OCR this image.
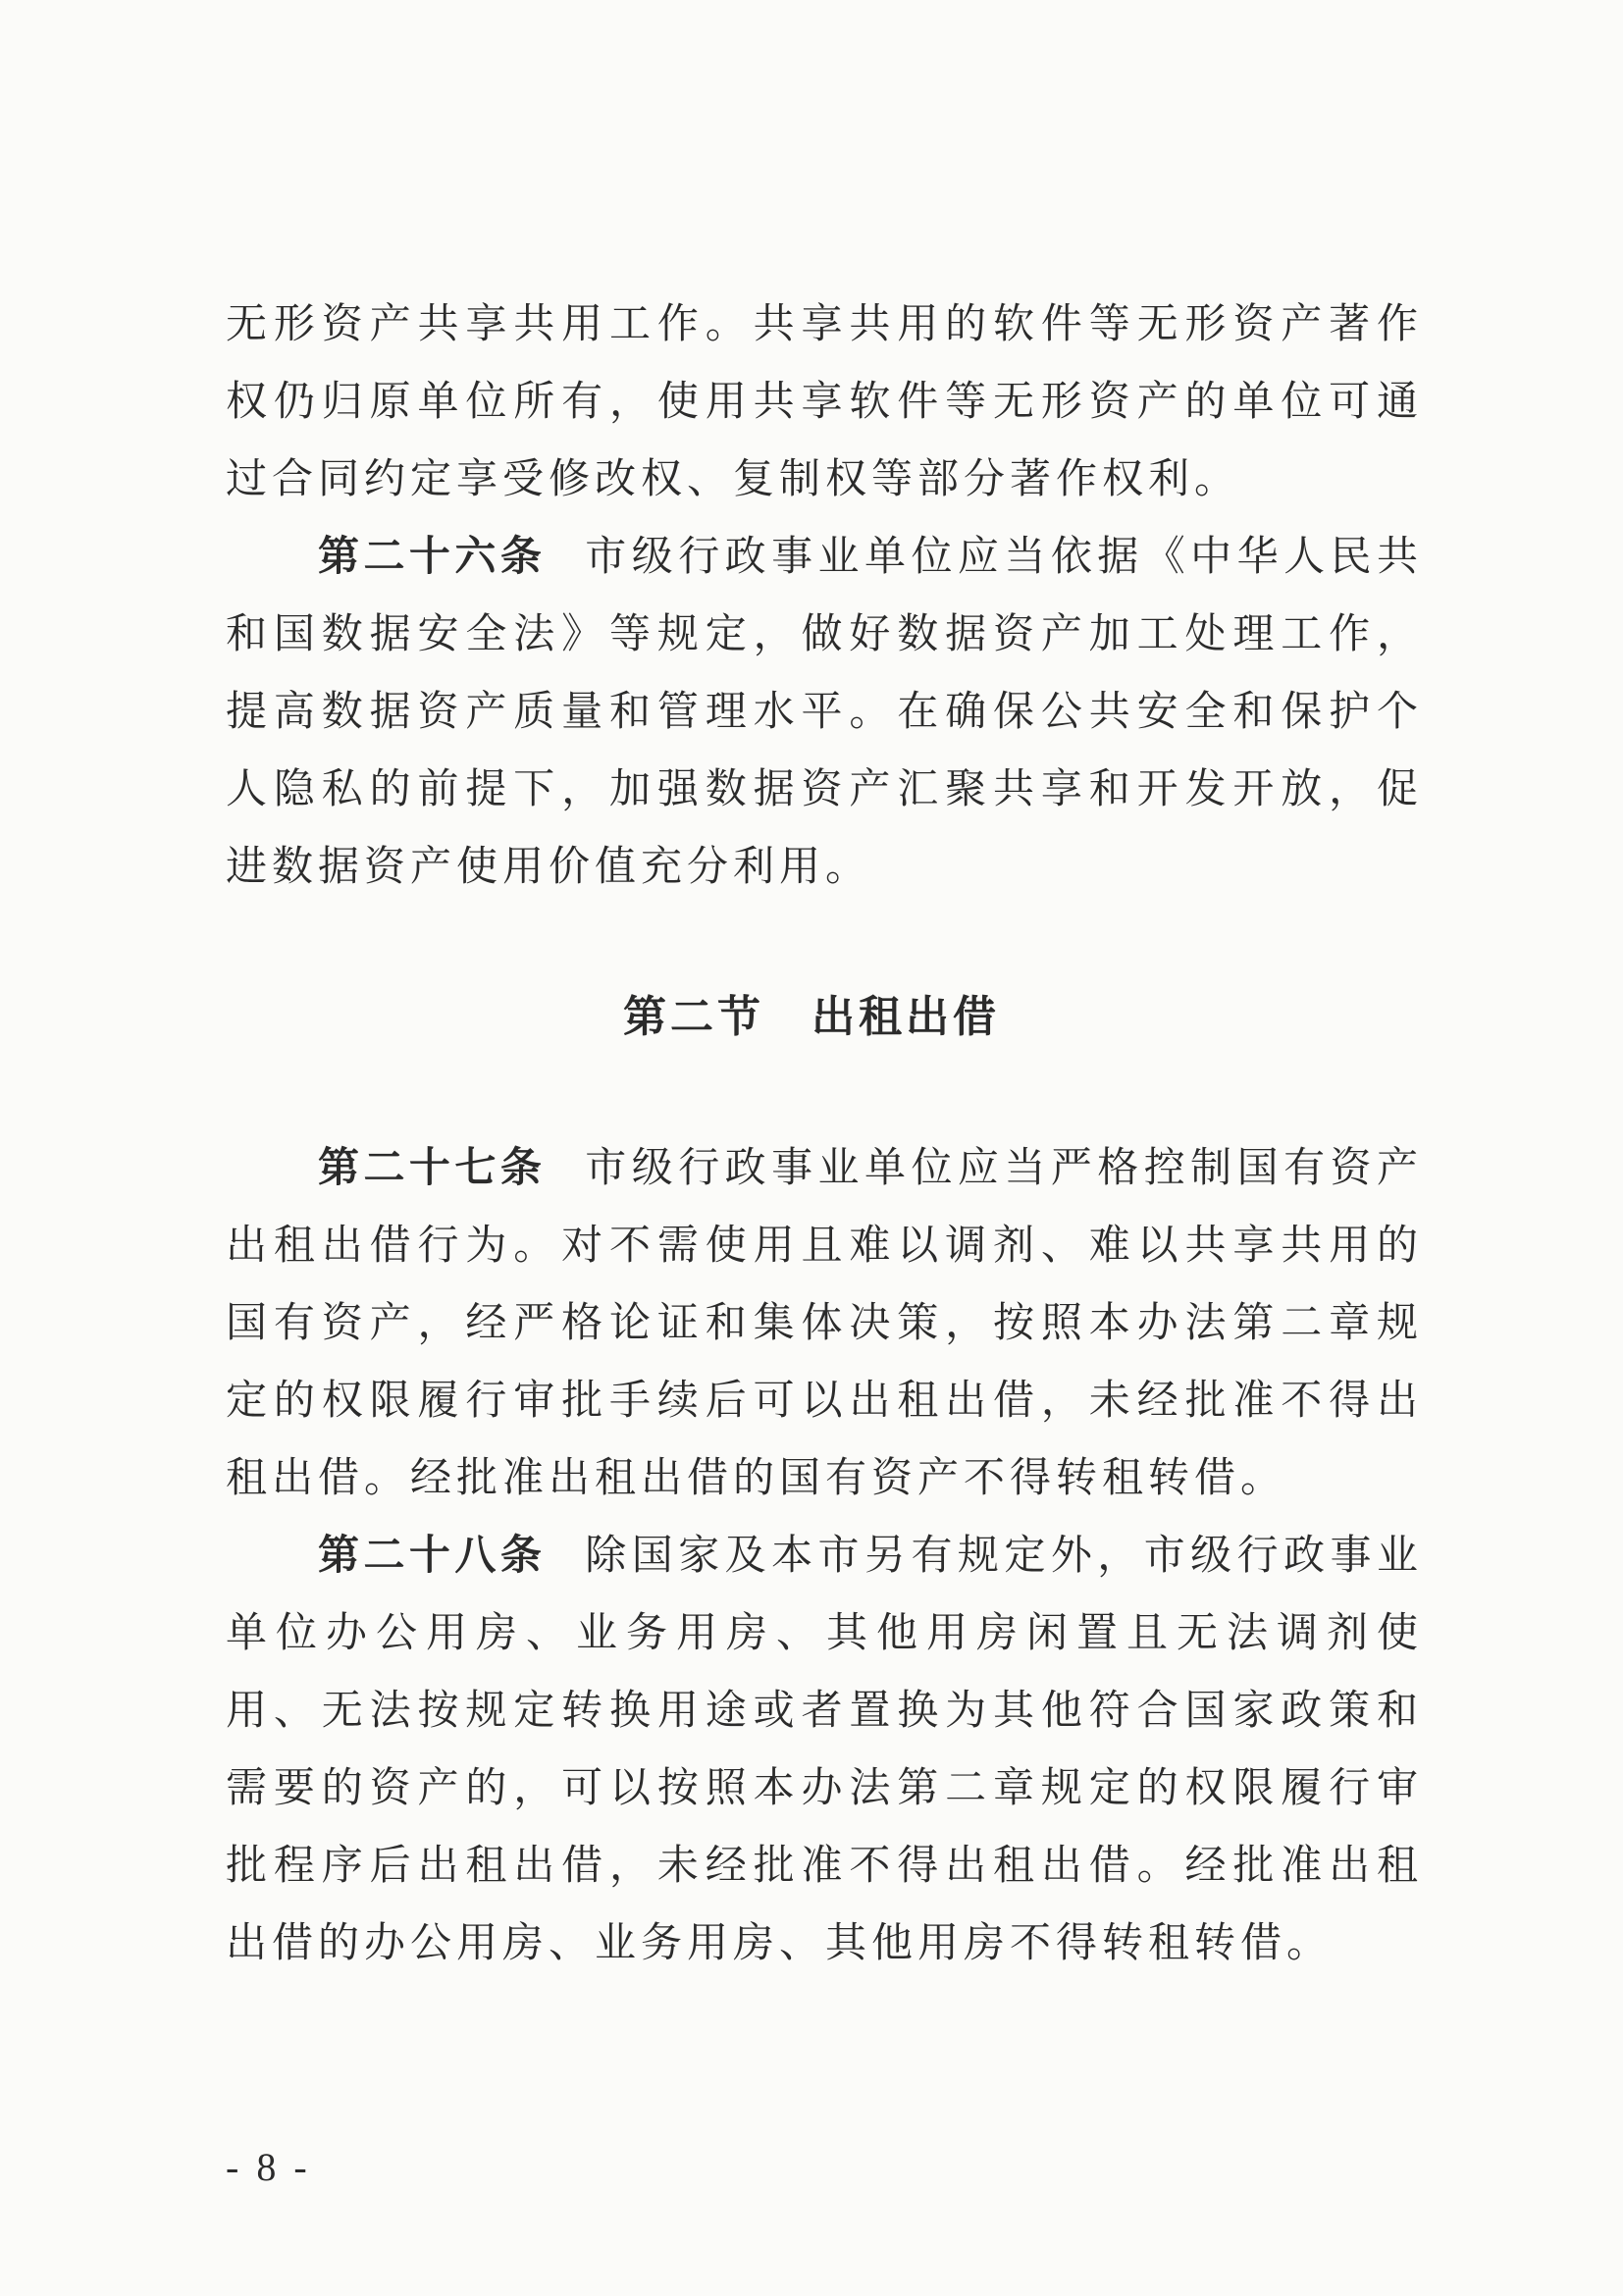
无形资产共享共用工作。共享共用的软件等无形资产著作权仍归原单位所有，使用共享软件等无形资产的单位可通过合同约定享受修改权、复制权等部分著作权利。

第二十六条 市级行政事业单位应当依据《中华人民共和国数据安全法》等规定，做好数据资产加工处理工作，提高数据资产质量和管理水平。在确保公共安全和保护个人隐私的前提下，加强数据资产汇聚共享和开发开放，促进数据资产使用价值充分利用。

第二节　出租出借

第二十七条 市级行政事业单位应当严格控制国有资产出租出借行为。对不需使用且难以调剂、难以共享共用的国有资产，经严格论证和集体决策，按照本办法第二章规定的权限履行审批手续后可以出租出借，未经批准不得出租出借。经批准出租出借的国有资产不得转租转借。

第二十八条 除国家及本市另有规定外，市级行政事业单位办公用房、业务用房、其他用房闲置且无法调剂使用、无法按规定转换用途或者置换为其他符合国家政策和需要的资产的，可以按照本办法第二章规定的权限履行审批程序后出租出借，未经批准不得出租出借。经批准出租出借的办公用房、业务用房、其他用房不得转租转借。

- 8 -
